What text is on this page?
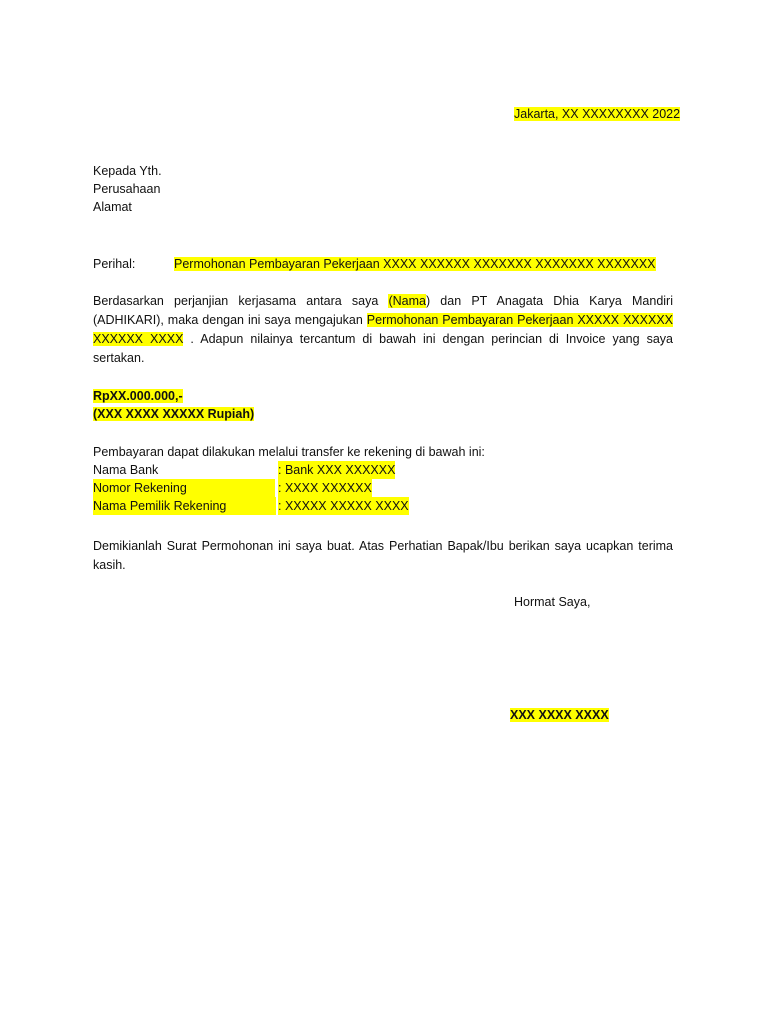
Jakarta, XX XXXXXXXX 2022
Kepada Yth.
Perusahaan
Alamat
Perihal:	Permohonan Pembayaran Pekerjaan XXXX XXXXXX XXXXXXX XXXXXXX XXXXXXX
Berdasarkan perjanjian kerjasama antara saya (Nama) dan PT Anagata Dhia Karya Mandiri (ADHIKARI), maka dengan ini saya mengajukan Permohonan Pembayaran Pekerjaan XXXXX XXXXXX XXXXXX XXXX . Adapun nilainya tercantum di bawah ini dengan perincian di Invoice yang saya sertakan.
RpXX.000.000,-
(XXX XXXX XXXXX Rupiah)
Pembayaran dapat dilakukan melalui transfer ke rekening di bawah ini:
Nama Bank	: Bank XXX XXXXXX
Nomor Rekening	: XXXX XXXXXX
Nama Pemilik Rekening	: XXXXX XXXXX XXXX
Demikianlah Surat Permohonan ini saya buat. Atas Perhatian Bapak/Ibu berikan saya ucapkan terima kasih.
Hormat Saya,
XXX XXXX XXXX
